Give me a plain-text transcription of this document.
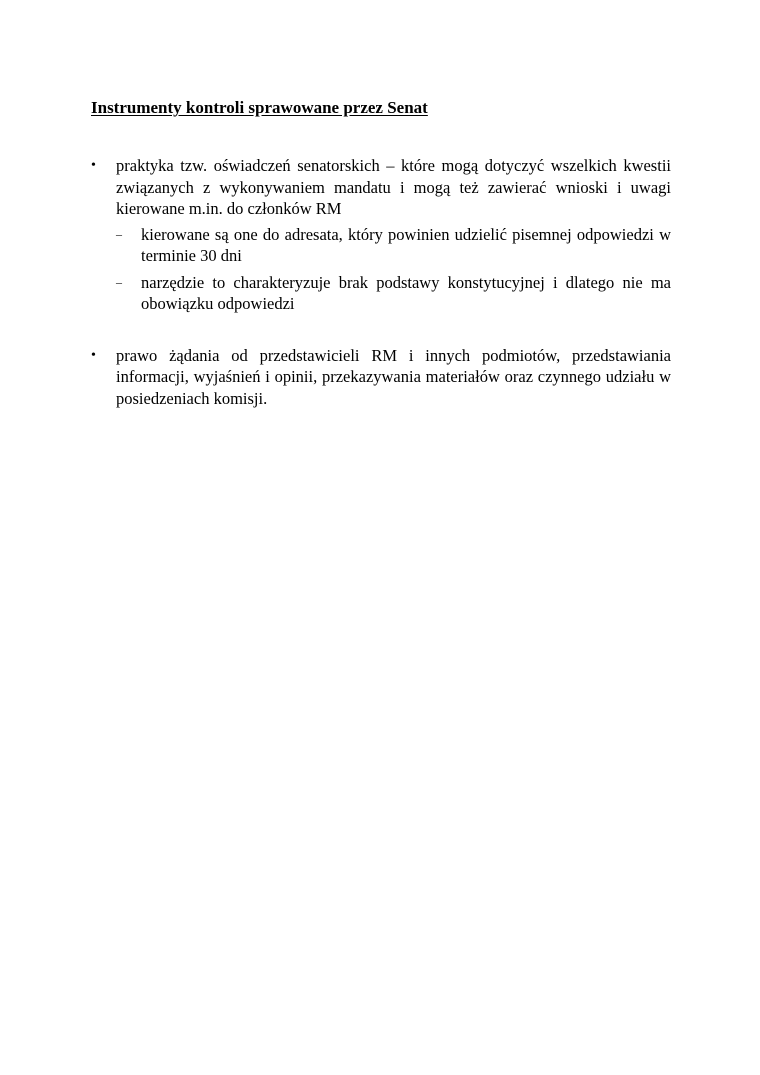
Instrumenty kontroli sprawowane przez Senat
• praktyka tzw. oświadczeń senatorskich – które mogą dotyczyć wszelkich kwestii związanych z wykonywaniem mandatu i mogą też zawierać wnioski i uwagi kierowane m.in. do członków RM
– kierowane są one do adresata, który powinien udzielić pisemnej odpowiedzi w terminie 30 dni
– narzędzie to charakteryzuje brak podstawy konstytucyjnej i dlatego nie ma obowiązku odpowiedzi
• prawo żądania od przedstawicieli RM i innych podmiotów, przedstawiania informacji, wyjaśnień i opinii, przekazywania materiałów oraz czynnego udziału w posiedzeniach komisji.
